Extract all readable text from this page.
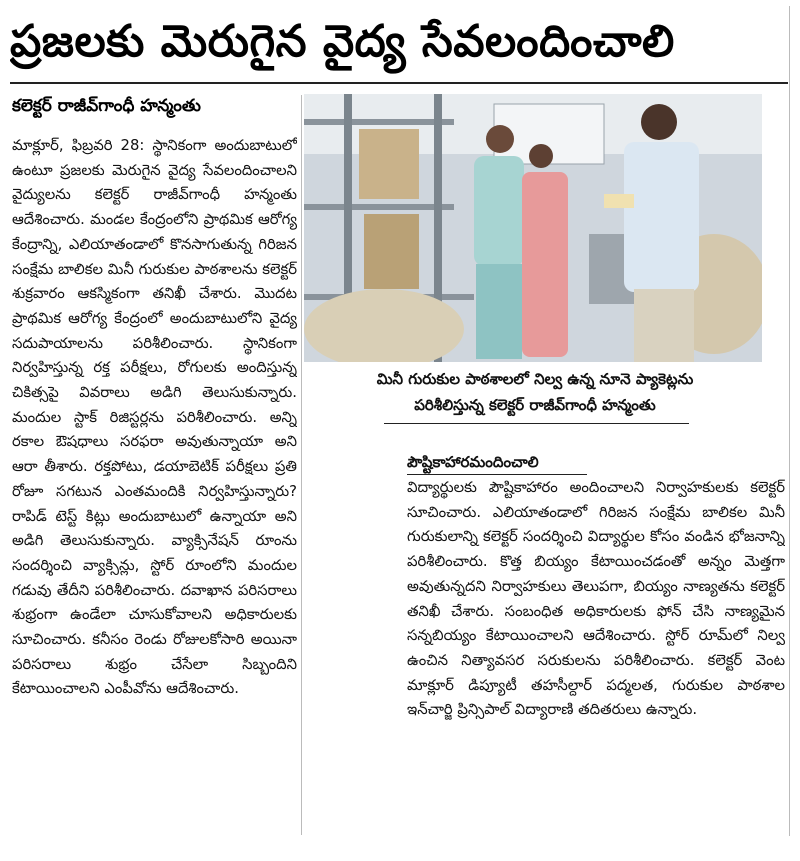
ప్రజలకు మెరుగైన వైద్య సేవలందించాలి
కలెక్టర్ రాజీవ్‌గాంధీ హన్మంతు
మినీ గురుకుల పాఠశాలలో నిల్వ ఉన్న నూనె ప్యాకెట్లను
పరిశీలిస్తున్న కలెక్టర్ రాజీవ్‌గాంధీ హన్మంతు

మాక్లూర్, ఫిబ్రవరి 28: స్థానికంగా అందుబాటులో ఉంటూ ప్రజలకు మెరుగైన వైద్య సేవలందించాలని వైద్యులను కలెక్టర్ రాజీవ్‌గాంధీ హన్మంతు ఆదేశించారు. మండల కేంద్రంలోని ప్రాథమిక ఆరోగ్య కేంద్రాన్ని, ఎలియాతండాలో కొనసాగుతున్న గిరిజన సంక్షేమ బాలికల మినీ గురుకుల పాఠశాలను కలెక్టర్ శుక్రవారం ఆకస్మికంగా తనిఖీ చేశారు. మొదట ప్రాథమిక ఆరోగ్య కేంద్రంలో అందుబాటులోని వైద్య సదుపాయాలను పరిశీలించారు. స్థానికంగా నిర్వహిస్తున్న రక్త పరీక్షలు, రోగులకు అందిస్తున్న చికిత్సపై వివరాలు అడిగి తెలుసుకున్నారు. మందుల స్టాక్ రిజిస్టర్లను పరిశీలించారు. అన్ని రకాల ఔషధాలు సరఫరా అవుతున్నాయా అని ఆరా తీశారు. రక్తపోటు, డయాబెటిక్ పరీక్షలు ప్రతి రోజూ సగటున ఎంతమందికి నిర్వహిస్తున్నారు? రాపిడ్ టెస్ట్ కిట్లు అందుబాటులో ఉన్నాయా అని అడిగి తెలుసుకున్నారు. వ్యాక్సినేషన్ రూంను సందర్శించి వ్యాక్సిన్లు, స్టోర్ రూంలోని మందుల గడువు తేదీని పరిశీలించారు. దవాఖాన పరిసరాలు శుభ్రంగా ఉండేలా చూసుకోవాలని అధికారులకు సూచించారు. కనీసం రెండు రోజులకోసారి అయినా పరిసరాలు శుభ్రం చేసేలా సిబ్బందిని కేటాయించాలని ఎంపీవోను ఆదేశించారు.

పౌష్టికాహారమందించాలి

విద్యార్థులకు పౌష్టికాహారం అందించాలని నిర్వాహకులకు కలెక్టర్ సూచించారు. ఎలియాతండాలో గిరిజన సంక్షేమ బాలికల మినీ గురుకులాన్ని కలెక్టర్ సందర్శించి విద్యార్థుల కోసం వండిన భోజనాన్ని పరిశీలించారు. కొత్త బియ్యం కేటాయించడంతో అన్నం మెత్తగా అవుతున్నదని నిర్వాహకులు తెలుపగా, బియ్యం నాణ్యతను కలెక్టర్ తనిఖీ చేశారు. సంబంధిత అధికారులకు ఫోన్ చేసి నాణ్యమైన సన్నబియ్యం కేటాయించాలని ఆదేశించారు. స్టోర్ రూమ్‌లో నిల్వ ఉంచిన నిత్యావసర సరుకులను పరిశీలించారు. కలెక్టర్ వెంట మాక్లూర్ డిప్యూటీ తహసీల్దార్ పద్మలత, గురుకుల పాఠశాల ఇన్‌చార్జి ప్రిన్సిపాల్ విద్యారాణి తదితరులు ఉన్నారు.
